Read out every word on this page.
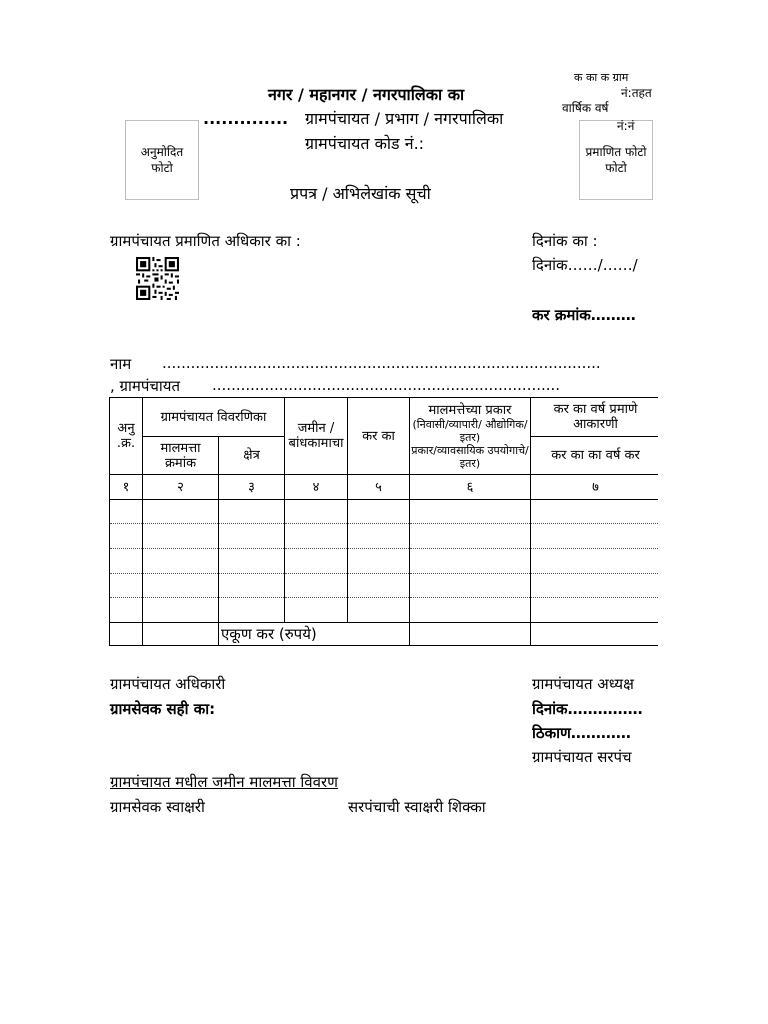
नगर / महानगर / नगरपालिका का
.............. ग्रामपंचायत / प्रभाग / नगरपालिका
ग्रामपंचायत कोड नं.:
प्रपत्र / अभिलेखांक सूची
अनुमोदित फोटो
प्रमाणित फोटो फोटो
क का क ग्राम
नं:तहत
वार्षिक वर्ष
नं:नं
ग्रामपंचायत प्रमाणित अधिकार का :	दिनांक का :
दिनांक……/……/
कर क्रमांक………
नाम ............................................................................................
, ग्रामपंचायत .........................................................................
अनु .क्र.	ग्रामपंचायत विवरणिका		जमीन / बांधकामाचा	कर का	मालमत्तेच्या प्रकार
(निवासी/व्यापारी/ औद्योगिक/इतर)
प्रकार/व्यावसायिक उपयोगाचे/इतर)	कर का वर्ष प्रमाणे आकारणी
	मालमत्ता क्रमांक	क्षेत्र				कर का का वर्ष कर
१	२	३	४	५	६	७

		एकूण कर (रुपये)				
ग्रामपंचायत अधिकारी
ग्रामसेवक सही का:
ग्रामपंचायत अध्यक्ष
दिनांक……………
ठिकाण…………
ग्रामपंचायत सरपंच
ग्रामपंचायत मधील जमीन मालमत्ता विवरण
ग्रामसेवक स्वाक्षरी	सरपंचाची स्वाक्षरी शिक्का
